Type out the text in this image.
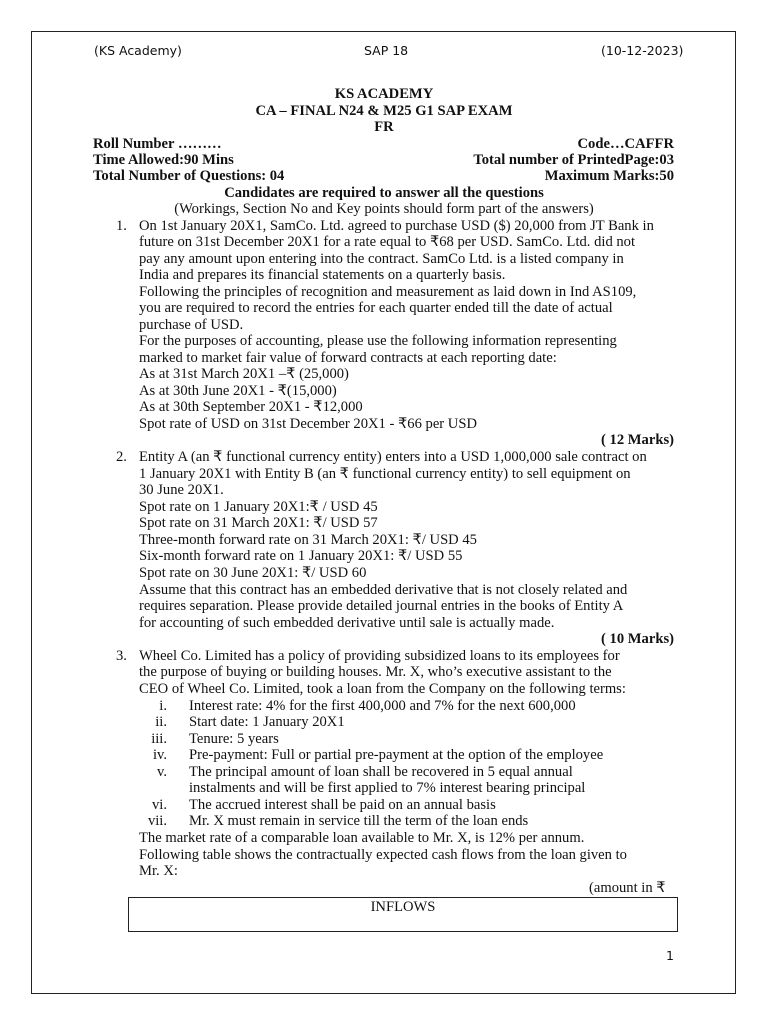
(KS Academy)	SAP 18	(10-12-2023)
KS ACADEMY
CA – FINAL N24 & M25 G1 SAP EXAM
FR
Roll Number ………	Code…CAFFR
Time Allowed:90 Mins	Total number of PrintedPage:03
Total Number of Questions: 04	Maximum Marks:50
Candidates are required to answer all the questions
(Workings, Section No and Key points should form part of the answers)
1. On 1st January 20X1, SamCo. Ltd. agreed to purchase USD ($) 20,000 from JT Bank in
future on 31st December 20X1 for a rate equal to ₹68 per USD. SamCo. Ltd. did not
pay any amount upon entering into the contract. SamCo Ltd. is a listed company in
India and prepares its financial statements on a quarterly basis.
Following the principles of recognition and measurement as laid down in Ind AS109,
you are required to record the entries for each quarter ended till the date of actual
purchase of USD.
For the purposes of accounting, please use the following information representing
marked to market fair value of forward contracts at each reporting date:
As at 31st March 20X1 –₹ (25,000)
As at 30th June 20X1 - ₹(15,000)
As at 30th September 20X1 - ₹12,000
Spot rate of USD on 31st December 20X1 - ₹66 per USD
( 12 Marks)
2. Entity A (an ₹ functional currency entity) enters into a USD 1,000,000 sale contract on
1 January 20X1 with Entity B (an ₹ functional currency entity) to sell equipment on
30 June 20X1.
Spot rate on 1 January 20X1:₹ / USD 45
Spot rate on 31 March 20X1: ₹/ USD 57
Three-month forward rate on 31 March 20X1: ₹/ USD 45
Six-month forward rate on 1 January 20X1: ₹/ USD 55
Spot rate on 30 June 20X1: ₹/ USD 60
Assume that this contract has an embedded derivative that is not closely related and
requires separation. Please provide detailed journal entries in the books of Entity A
for accounting of such embedded derivative until sale is actually made.
( 10 Marks)
3. Wheel Co. Limited has a policy of providing subsidized loans to its employees for
the purpose of buying or building houses. Mr. X, who’s executive assistant to the
CEO of Wheel Co. Limited, took a loan from the Company on the following terms:
i. Interest rate: 4% for the first 400,000 and 7% for the next 600,000
ii. Start date: 1 January 20X1
iii. Tenure: 5 years
iv. Pre-payment: Full or partial pre-payment at the option of the employee
v. The principal amount of loan shall be recovered in 5 equal annual
instalments and will be first applied to 7% interest bearing principal
vi. The accrued interest shall be paid on an annual basis
vii. Mr. X must remain in service till the term of the loan ends
The market rate of a comparable loan available to Mr. X, is 12% per annum.
Following table shows the contractually expected cash flows from the loan given to
Mr. X:
(amount in ₹
INFLOWS
1
